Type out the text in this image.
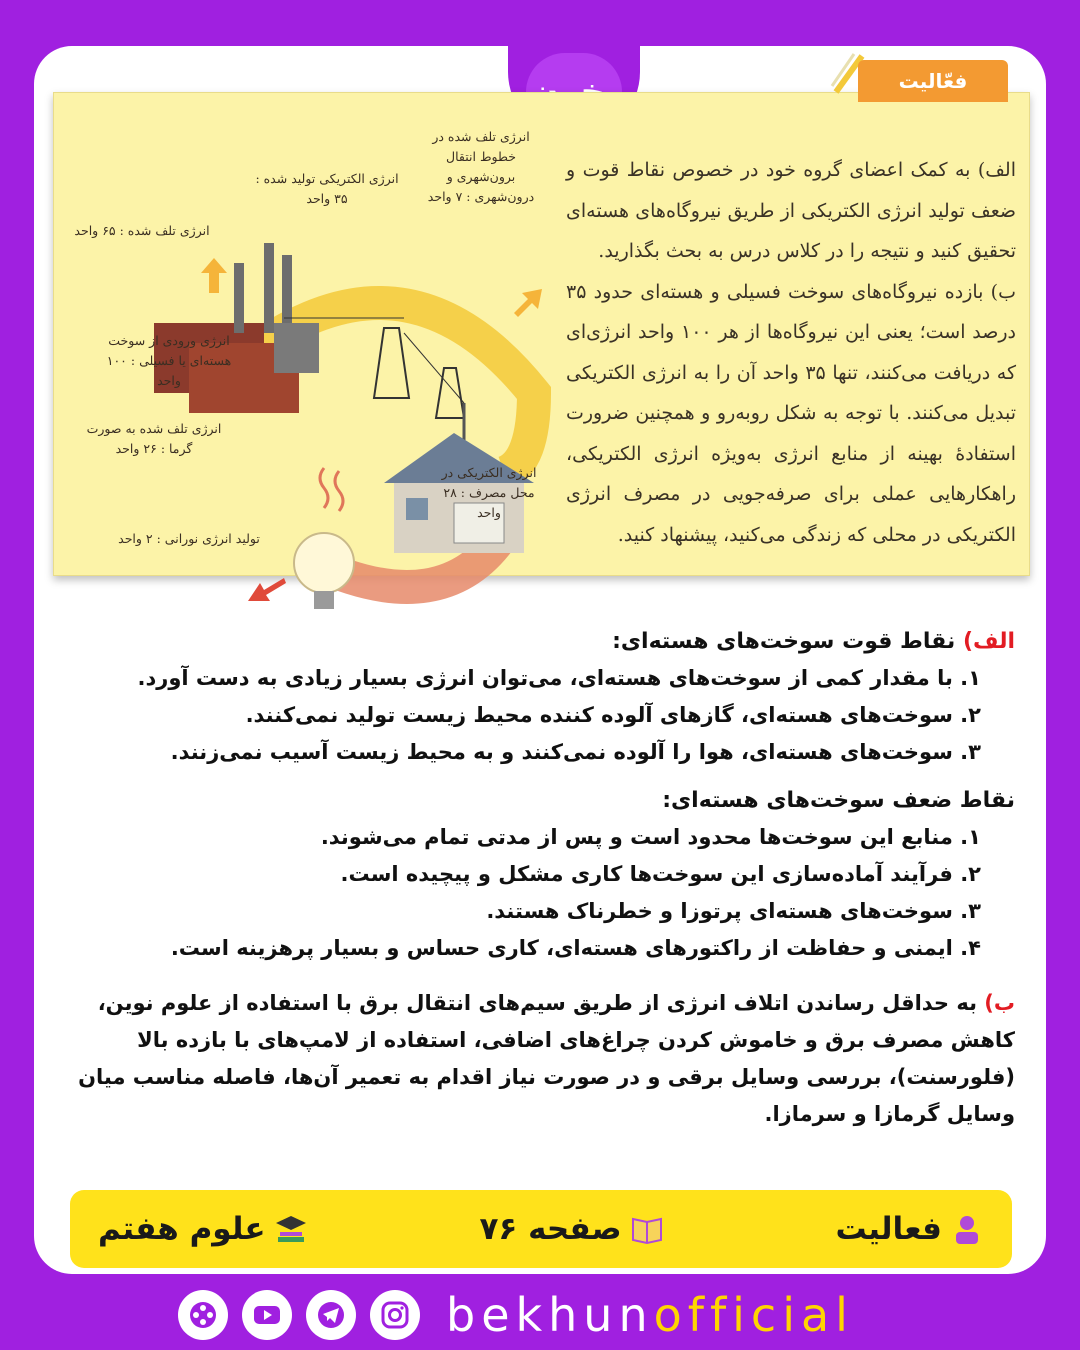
انرژی تلف شده در خطوط انتقال برون‌شهری و درون‌شهری : ۷ واحد
انرژی الکتریکی تولید شده : ۳۵ واحد
انرژی تلف شده : ۶۵ واحد
انرژی ورودی از سوخت هسته‌ای یا فسیلی : ۱۰۰ واحد
انرژی تلف شده به صورت گرما : ۲۶ واحد
انرژی الکتریکی در محل مصرف : ۲۸ واحد
تولید انرژی نورانی : ۲ واحد
فعّالیت

الف) به کمک اعضای گروه خود در خصوص نقاط قوت و ضعف تولید انرژی الکتریکی از طریق نیروگاه‌های هسته‌ای تحقیق کنید و نتیجه را در کلاس درس به بحث بگذارید.

ب) بازده نیروگاه‌های سوخت فسیلی و هسته‌ای حدود ۳۵ درصد است؛ یعنی این نیروگاه‌ها از هر ۱۰۰ واحد انرژی‌ای که دریافت می‌کنند، تنها ۳۵ واحد آن را به انرژی الکتریکی تبدیل می‌کنند. با توجه به شکل روبه‌رو و همچنین ضرورت استفادهٔ بهینه از منابع انرژی به‌ویژه انرژی الکتریکی، راهکارهایی عملی برای صرفه‌جویی در مصرف انرژی الکتریکی در محلی که زندگی می‌کنید، پیشنهاد کنید.

الف) نقاط قوت سوخت‌های هسته‌ای:
۱. با مقدار کمی از سوخت‌های هسته‌ای، می‌توان انرژی بسیار زیادی به دست آورد.
۲. سوخت‌های هسته‌ای، گازهای آلوده کننده محیط زیست تولید نمی‌کنند.
۳. سوخت‌های هسته‌ای، هوا را آلوده نمی‌کنند و به محیط زیست آسیب نمی‌زنند.
نقاط ضعف سوخت‌های هسته‌ای:
۱. منابع این سوخت‌ها محدود است و پس از مدتی تمام می‌شوند.
۲. فرآیند آماده‌سازی این سوخت‌ها کاری مشکل و پیچیده است.
۳. سوخت‌های هسته‌ای پرتوزا و خطرناک هستند.
۴. ایمنی و حفاظت از راکتورهای هسته‌ای، کاری حساس و بسیار پرهزینه است.
ب) به حداقل رساندن اتلاف انرژی از طریق سیم‌های انتقال برق با استفاده از علوم نوین، کاهش مصرف برق و خاموش کردن چراغ‌های اضافی، استفاده از لامپ‌های با بازده بالا (فلورسنت)، بررسی وسایل برقی و در صورت نیاز اقدام به تعمیر آن‌ها، فاصله مناسب میان وسایل گرمازا و سرمازا.
فعالیت
صفحه ۷۶
علوم هفتم
bekhunofficial
